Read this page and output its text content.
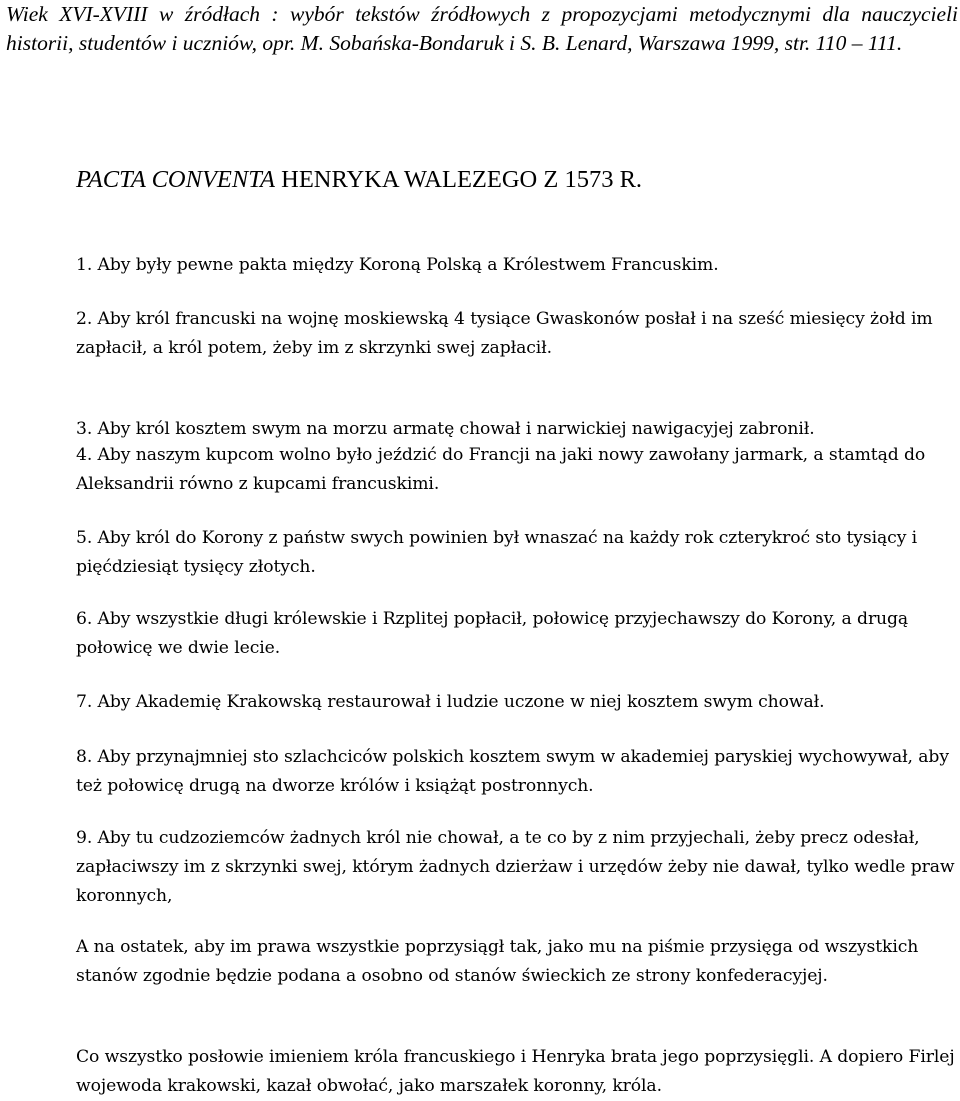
Wiek XVI-XVIII w źródłach : wybór tekstów źródłowych z propozycjami metodycznymi dla nauczycieli historii, studentów i uczniów, opr. M. Sobańska-Bondaruk i S. B. Lenard, Warszawa 1999, str. 110 – 111.

PACTA CONVENTA HENRYKA WALEZEGO Z 1573 R.

1. Aby były pewne pakta między Koroną Polską a Królestwem Francuskim.

2. Aby król francuski na wojnę moskiewską 4 tysiące Gwaskonów posłał i na sześć miesięcy żołd im zapłacił, a król potem, żeby im z skrzynki swej zapłacił.

3. Aby król kosztem swym na morzu armatę chował i narwickiej nawigacyjej zabronił.

4. Aby naszym kupcom wolno było jeździć do Francji na jaki nowy zawołany jarmark, a stamtąd do Aleksandrii równo z kupcami francuskimi.

5. Aby król do Korony z państw swych powinien był wnaszać na każdy rok czterykroć sto tysiący i pięćdziesiąt tysięcy złotych.

6. Aby wszystkie długi królewskie i Rzplitej popłacił, połowicę przyjechawszy do Korony, a drugą połowicę we dwie lecie.

7. Aby Akademię Krakowską restaurował i ludzie uczone w niej kosztem swym chował.

8. Aby przynajmniej sto szlachciców polskich kosztem swym w akademiej paryskiej wychowywał, aby też połowicę drugą na dworze królów i książąt postronnych.

9. Aby tu cudzoziemców żadnych król nie chował, a te co by z nim przyjechali, żeby precz odesłał, zapłaciwszy im z skrzynki swej, którym żadnych dzierżaw i urzędów żeby nie dawał, tylko wedle praw koronnych,

A na ostatek, aby im prawa wszystkie poprzysiągł tak, jako mu na piśmie przysięga od wszystkich stanów zgodnie będzie podana a osobno od stanów świeckich ze strony konfederacyjej.

Co wszystko posłowie imieniem króla francuskiego i Henryka brata jego poprzysięgli. A dopiero Firlej wojewoda krakowski, kazał obwołać, jako marszałek koronny, króla.
